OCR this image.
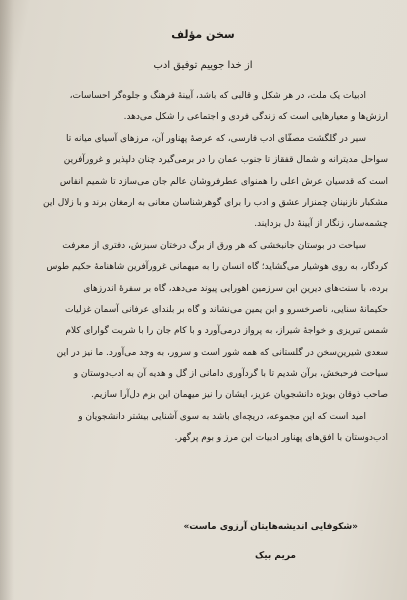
سخن مؤلف
از خدا جوییم توفیق ادب
ادبیات یک ملت، در هر شکل و قالبی که باشد، آیینهٔ فرهنگ و جلوه‌گر احساسات،
ارزش‌ها و معیارهایی است که زندگی فردی و اجتماعی را شکل می‌دهد.
سیر در گلگشت مصفّای ادب فارسی، که عرصهٔ پهناور آن، مرزهای آسیای میانه تا
سواحل مدیترانه و شمال قفقاز تا جنوب عمان را در برمی‌گیرد چنان دلپذیر و غرورآفرین
است که قدسیان عرش اعلی را همنوای عطرفروشان عالم جان می‌سازد تا شمیم انفاس
مشکبار نازنینان چمنزار عشق و ادب را برای گوهرشناسان معانی به ارمغان برند و با زلال این
چشمه‌سار، زنگار از آیینهٔ دل بزدایند.
سیاحت در بوستان جانبخشی که هر ورق از برگ درختان سبزش، دفتری از معرفت
کردگار، به روی هوشیار می‌گشاید؛ گاه انسان را به میهمانی غرورآفرین شاهنامهٔ حکیم طوس
برده، با سنت‌های دیرین این سرزمین اهورایی پیوند می‌دهد، گاه بر سفرهٔ اندرزهای
حکیمانهٔ سنایی، ناصرخسرو و ابن یمین می‌نشاند و گاه بر بلندای عرفانی آسمان غزلیات
شمس تبریزی و خواجهٔ شیراز، به پرواز درمی‌آورد و با کام جان را با شربت گوارای کلام
سعدی شیرین‌سخن در گلستانی که همه شور است و سرور، به وجد می‌آورد. ما نیز در این
سیاحت فرحبخش، برآن شدیم تا با گردآوری دامانی از گل و هدیه آن به ادب‌دوستان و
صاحب ذوقان بویژه دانشجویان عزیز، ایشان را نیز میهمان این بزم دل‌آرا سازیم.
امید است که این مجموعه، دریچه‌ای باشد به سوی آشنایی بیشتر دانشجویان و
ادب‌دوستان با افق‌های پهناور ادبیات این مرز و بوم پرگهر.
«شکوفایی اندیشه‌هایتان آرزوی ماست»
مریم بیک
